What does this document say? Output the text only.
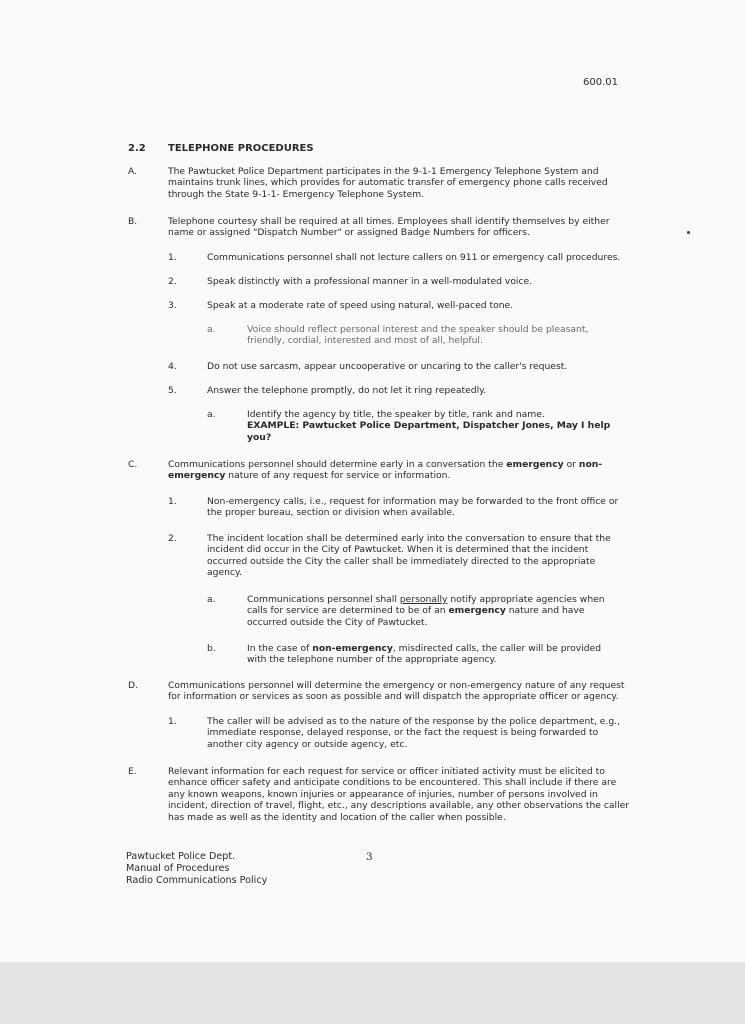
600.01
2.2 TELEPHONE PROCEDURES
A.	The Pawtucket Police Department participates in the 9-1-1 Emergency Telephone System and
maintains trunk lines, which provides for automatic transfer of emergency phone calls received
through the State 9-1-1- Emergency Telephone System.
B.	Telephone courtesy shall be required at all times. Employees shall identify themselves by either
name or assigned "Dispatch Number" or assigned Badge Numbers for officers.
1.	Communications personnel shall not lecture callers on 911 or emergency call procedures.
2.	Speak distinctly with a professional manner in a well-modulated voice.
3.	Speak at a moderate rate of speed using natural, well-paced tone.
a.	Voice should reflect personal interest and the speaker should be pleasant,
friendly, cordial, interested and most of all, helpful.
4.	Do not use sarcasm, appear uncooperative or uncaring to the caller's request.
5.	Answer the telephone promptly, do not let it ring repeatedly.
a.	Identify the agency by title, the speaker by title, rank and name.
EXAMPLE: Pawtucket Police Department, Dispatcher Jones, May I help
you?
C.	Communications personnel should determine early in a conversation the emergency or non-
emergency nature of any request for service or information.
1.	Non-emergency calls, i.e., request for information may be forwarded to the front office or
the proper bureau, section or division when available.
2.	The incident location shall be determined early into the conversation to ensure that the
incident did occur in the City of Pawtucket. When it is determined that the incident
occurred outside the City the caller shall be immediately directed to the appropriate
agency.
a.	Communications personnel shall personally notify appropriate agencies when
calls for service are determined to be of an emergency nature and have
occurred outside the City of Pawtucket.
b.	In the case of non-emergency, misdirected calls, the caller will be provided
with the telephone number of the appropriate agency.
D.	Communications personnel will determine the emergency or non-emergency nature of any request
for information or services as soon as possible and will dispatch the appropriate officer or agency.
1.	The caller will be advised as to the nature of the response by the police department, e.g.,
immediate response, delayed response, or the fact the request is being forwarded to
another city agency or outside agency, etc.
E.	Relevant information for each request for service or officer initiated activity must be elicited to
enhance officer safety and anticipate conditions to be encountered. This shall include if there are
any known weapons, known injuries or appearance of injuries, number of persons involved in
incident, direction of travel, flight, etc., any descriptions available, any other observations the caller
has made as well as the identity and location of the caller when possible.
Pawtucket Police Dept.
Manual of Procedures
Radio Communications Policy
3
